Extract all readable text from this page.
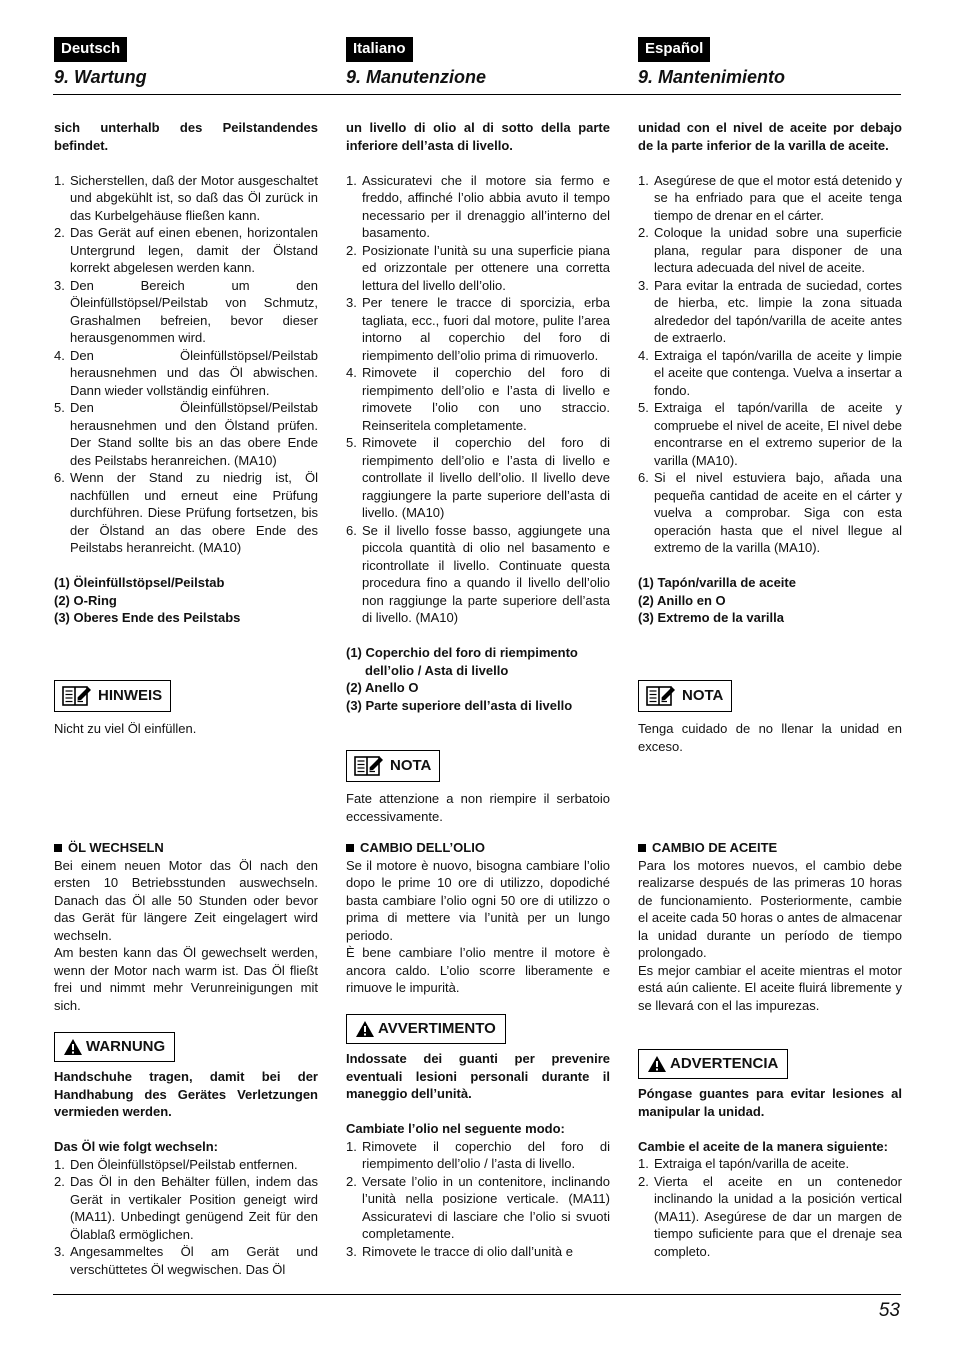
53
Deutsch
9. Wartung

sich unterhalb des Peilstandendes befindet.

1. Sicherstellen, daß der Motor ausgeschaltet und abgekühlt ist, so daß das Öl zurück in das Kurbelgehäuse fließen kann.
2. Das Gerät auf einen ebenen, horizontalen Untergrund legen, damit der Ölstand korrekt abgelesen werden kann.
3. Den Bereich um den Öleinfüllstöpsel/Peilstab von Schmutz, Grashalmen befreien, bevor dieser herausgenommen wird.
4. Den Öleinfüllstöpsel/Peilstab herausnehmen und das Öl abwischen. Dann wieder vollständig einführen.
5. Den Öleinfüllstöpsel/Peilstab herausnehmen und den Ölstand prüfen. Der Stand sollte bis an das obere Ende des Peilstabs heranreichen. (MA10)
6. Wenn der Stand zu niedrig ist, Öl nachfüllen und erneut eine Prüfung durchführen. Diese Prüfung fortsetzen, bis der Ölstand an das obere Ende des Peilstabs heranreicht. (MA10)
(1) Öleinfüllstöpsel/Peilstab
(2) O-Ring
(3) Oberes Ende des Peilstabs
HINWEIS

Nicht zu viel Öl einfüllen.

ÖL WECHSELN

Bei einem neuen Motor das Öl nach den ersten 10 Betriebsstunden auswechseln. Danach das Öl alle 50 Stunden oder bevor das Gerät für längere Zeit eingelagert wird wechseln.

Am besten kann das Öl gewechselt werden, wenn der Motor nach warm ist. Das Öl fließt frei und nimmt mehr Verunreinigungen mit sich.

WARNUNG

Handschuhe tragen, damit bei der Handhabung des Gerätes Verletzungen vermieden werden.

Das Öl wie folgt wechseln:

1. Den Öleinfüllstöpsel/Peilstab entfernen.
2. Das Öl in den Behälter füllen, indem das Gerät in vertikaler Position geneigt wird (MA11). Unbedingt genügend Zeit für den Ölablaß ermöglichen.
3. Angesammeltes Öl am Gerät und verschüttetes Öl wegwischen. Das Öl
Italiano
9. Manutenzione

un livello di olio al di sotto della parte inferiore dell’asta di livello.

1. Assicuratevi che il motore sia fermo e freddo, affinché l’olio abbia avuto il tempo necessario per il drenaggio all’interno del basamento.
2. Posizionate l’unità su una superficie piana ed orizzontale per ottenere una corretta lettura del livello dell’olio.
3. Per tenere le tracce di sporcizia, erba tagliata, ecc., fuori dal motore, pulite l’area intorno al coperchio del foro di riempimento dell’olio prima di rimuoverlo.
4. Rimovete il coperchio del foro di riempimento dell’olio e l’asta di livello e rimovete l’olio con uno straccio. Reinseritela completamente.
5. Rimovete il coperchio del foro di riempimento dell’olio e l’asta di livello e controllate il livello dell’olio. Il livello deve raggiungere la parte superiore dell’asta di livello. (MA10)
6. Se il livello fosse basso, aggiungete una piccola quantità di olio nel basamento e ricontrollate il livello. Continuate questa procedura fino a quando il livello dell’olio non raggiunge la parte superiore dell’asta di livello. (MA10)
(1) Coperchio del foro di riempimento dell’olio / Asta di livello
(2) Anello O
(3) Parte superiore dell’asta di livello
NOTA

Fate attenzione a non riempire il serbatoio eccessivamente.

CAMBIO DELL’OLIO

Se il motore è nuovo, bisogna cambiare l’olio dopo le prime 10 ore di utilizzo, dopodiché basta cambiare l’olio ogni 50 ore di utilizzo o prima di mettere via l’unità per un lungo periodo.

È bene cambiare l’olio mentre il motore è ancora caldo. L’olio scorre liberamente e rimuove le impurità.

AVVERTIMENTO

Indossate dei guanti per prevenire eventuali lesioni personali durante il maneggio dell’unità.

Cambiate l’olio nel seguente modo:

1. Rimovete il coperchio del foro di riempimento dell’olio / l’asta di livello.
2. Versate l’olio in un contenitore, inclinando l’unità nella posizione verticale. (MA11) Assicuratevi di lasciare che l’olio si svuoti completamente.
3. Rimovete le tracce di olio dall’unità e
Español
9. Mantenimiento

unidad con el nivel de aceite por debajo de la parte inferior de la varilla de aceite.

1. Asegúrese de que el motor está detenido y se ha enfriado para que el aceite tenga tiempo de drenar en el cárter.
2. Coloque la unidad sobre una superficie plana, regular para disponer de una lectura adecuada del nivel de aceite.
3. Para evitar la entrada de suciedad, cortes de hierba, etc. limpie la zona situada alrededor del tapón/varilla de aceite antes de extraerlo.
4. Extraiga el tapón/varilla de aceite y limpie el aceite que contenga. Vuelva a insertar a fondo.
5. Extraiga el tapón/varilla de aceite y compruebe el nivel de aceite, El nivel debe encontrarse en el extremo superior de la varilla (MA10).
6. Si el nivel estuviera bajo, añada una pequeña cantidad de aceite en el cárter y vuelva a comprobar. Siga con esta operación hasta que el nivel llegue al extremo de la varilla (MA10).
(1) Tapón/varilla de aceite
(2) Anillo en O
(3) Extremo de la varilla
NOTA

Tenga cuidado de no llenar la unidad en exceso.

CAMBIO DE ACEITE

Para los motores nuevos, el cambio debe realizarse después de las primeras 10 horas de funcionamiento. Posteriormente, cambie el aceite cada 50 horas o antes de almacenar la unidad durante un período de tiempo prolongado.

Es mejor cambiar el aceite mientras el motor está aún caliente. El aceite fluirá libremente y se llevará con el las impurezas.

ADVERTENCIA

Póngase guantes para evitar lesiones al manipular la unidad.

Cambie el aceite de la manera siguiente:

1. Extraiga el tapón/varilla de aceite.
2. Vierta el aceite en un contenedor inclinando la unidad a la posición vertical (MA11). Asegúrese de dar un margen de tiempo suficiente para que el drenaje sea completo.
